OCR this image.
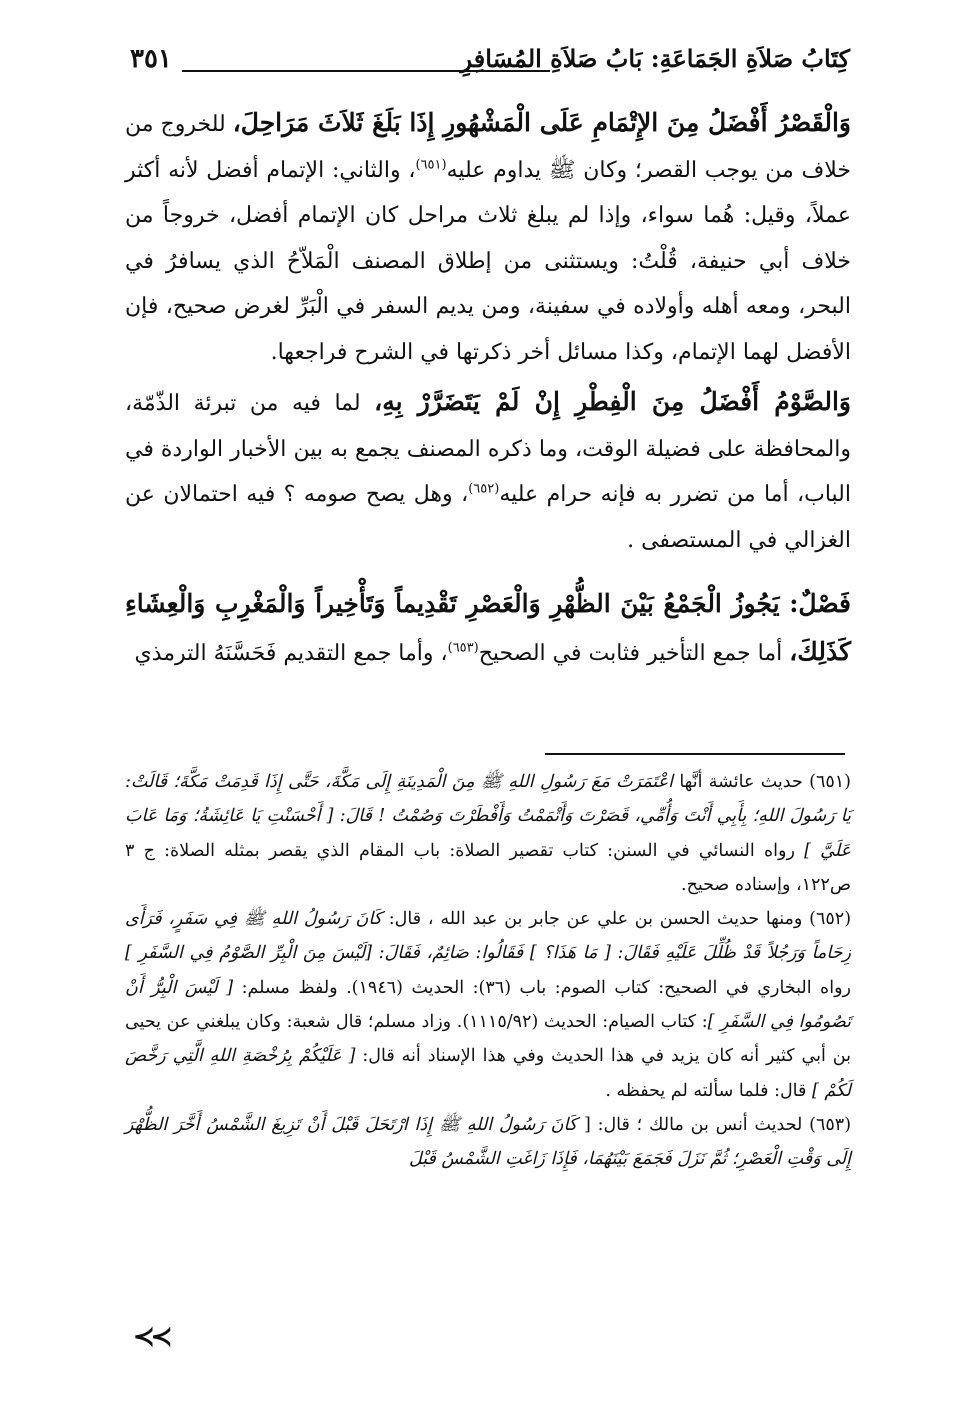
كِتَابُ صَلاَةِ الجَمَاعَةِ: بَابُ صَلاَةِ المُسَافِرِ
٣٥١

وَالْقَصْرُ أَفْضَلُ مِنَ الإِتْمَامِ عَلَى الْمَشْهُورِ إِذَا بَلَغَ ثَلاَثَ مَرَاحِلَ، للخروج من خلاف من يوجب القصر؛ وكان ﷺ يداوم عليه$^{(٦٥١)}$، والثاني: الإتمام أفضل لأنه أكثر عملاً، وقيل: هُما سواء، وإذا لم يبلغ ثلاث مراحل كان الإتمام أفضل، خروجاً من خلاف أبي حنيفة، قُلْتُ: ويستثنى من إطلاق المصنف الْمَلاّحُ الذي يسافرُ في البحر، ومعه أهله وأولاده في سفينة، ومن يديم السفر في الْبَرِّ لغرض صحيح، فإن الأفضل لهما الإتمام، وكذا مسائل أخر ذكرتها في الشرح فراجعها.

وَالصَّوْمُ أَفْضَلُ مِنَ الْفِطْرِ إِنْ لَمْ يَتَضَرَّرْ بِهِ، لما فيه من تبرئة الذّمّة، والمحافظة على فضيلة الوقت، وما ذكره المصنف يجمع به بين الأخبار الواردة في الباب، أما من تضرر به فإنه حرام عليه$^{(٦٥٢)}$، وهل يصح صومه ؟ فيه احتمالان عن الغزالي في المستصفى .

فَصْلٌ: يَجُوزُ الْجَمْعُ بَيْنَ الظُّهْرِ وَالْعَصْرِ تَقْدِيماً وَتَأْخِيراً وَالْمَغْرِبِ وَالْعِشَاءِ كَذَلِكَ، أما جمع التأخير فثابت في الصحيح$^{(٦٥٣)}$، وأما جمع التقديم فَحَسَّنَهُ الترمذي

(٦٥١) حديث عائشة أنَّها اعْتَمَرَتْ مَعَ رَسُولِ اللهِ ﷺ مِنَ الْمَدِينَةِ إِلَى مَكَّةَ، حَتَّى إِذَا قَدِمَتْ مَكَّةَ؛ قَالَتْ: يَا رَسُولَ اللهِ؛ بِأَبِي أَنْتَ وَأُمِّي، قَصَرْتَ وَأَتْمَمْتُ وَأَفْطَرْتَ وَصُمْتُ ! قَالَ: [ أَحْسَنْتِ يَا عَائِشَةُ؛ وَمَا عَابَ عَلَيَّ ] رواه النسائي في السنن: كتاب تقصير الصلاة: باب المقام الذي يقصر بمثله الصلاة: ج ٣ ص١٢٢، وإسناده صحيح.

(٦٥٢) ومنها حديث الحسن بن علي عن جابر بن عبد الله ، قال: كَانَ رَسُولُ اللهِ ﷺ فِي سَفَرٍ، فَرَأَى زِحَاماً وَرَجُلاً قَدْ ظُلِّلَ عَلَيْهِ فَقَالَ: [ مَا هَذَا؟ ] فَقَالُوا: صَائِمٌ، فَقَالَ: [لَيْسَ مِنَ الْبِرِّ الصَّوْمُ فِي السَّفَرِ ] رواه البخاري في الصحيح: كتاب الصوم: باب (٣٦): الحديث (١٩٤٦). ولفظ مسلم: [ لَيْسَ الْبِرُّ أَنْ تَصُومُوا فِي السَّفَرِ ]: كتاب الصيام: الحديث (١١١٥/٩٢). وزاد مسلم؛ قال شعبة: وكان يبلغني عن يحيى بن أبي كثير أنه كان يزيد في هذا الحديث وفي هذا الإسناد أنه قال: [ عَلَيْكُمْ بِرُخْصَةِ اللهِ الَّتِي رَخَّصَ لَكُمْ ] قال: فلما سألته لم يحفظه .

(٦٥٣) لحديث أنس بن مالك ؛ قال: [ كَانَ رَسُولُ اللهِ ﷺ إِذَا ارْتَحَلَ قَبْلَ أَنْ تَزِيغَ الشَّمْسُ أَخَّرَ الظُّهْرَ إِلَى وَقْتِ الْعَصْرِ؛ ثُمَّ نَزَلَ فَجَمَعَ بَيْنَهُمَا، فَإِذَا زَاغَتِ الشَّمْسُ قَبْلَ

≺≺
